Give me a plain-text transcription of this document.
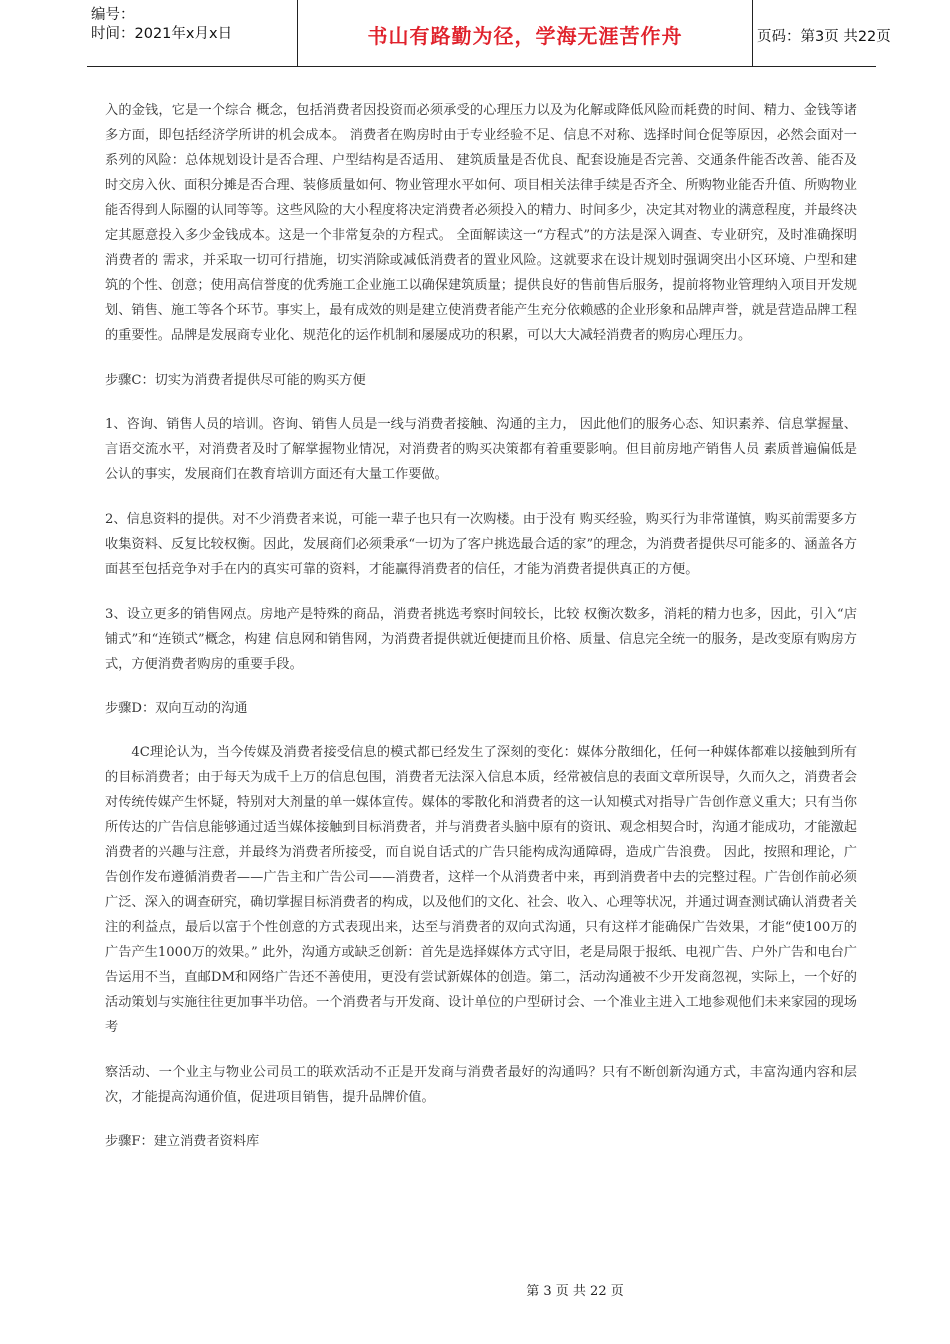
编号：
时间：2021年x月x日	书山有路勤为径，学海无涯苦作舟	页码：第3页 共22页

入的金钱，它是一个综合 概念，包括消费者因投资而必须承受的心理压力以及为化解或降低风险而耗费的时间、精力、金钱等诸多方面，即包括经济学所讲的机会成本。 消费者在购房时由于专业经验不足、信息不对称、选择时间仓促等原因，必然会面对一系列的风险：总体规划设计是否合理、户型结构是否适用、 建筑质量是否优良、配套设施是否完善、交通条件能否改善、能否及时交房入伙、面积分摊是否合理、装修质量如何、物业管理水平如何、项目相关法律手续是否齐全、所购物业能否升值、所购物业能否得到人际圈的认同等等。这些风险的大小程度将决定消费者必须投入的精力、时间多少，决定其对物业的满意程度，并最终决定其愿意投入多少金钱成本。这是一个非常复杂的方程式。 全面解读这一“方程式”的方法是深入调查、专业研究，及时准确探明消费者的 需求，并采取一切可行措施，切实消除或减低消费者的置业风险。这就要求在设计规划时强调突出小区环境、户型和建筑的个性、创意；使用高信誉度的优秀施工企业施工以确保建筑质量；提供良好的售前售后服务，提前将物业管理纳入项目开发规划、销售、施工等各个环节。事实上，最有成效的则是建立使消费者能产生充分依赖感的企业形象和品牌声誉，就是营造品牌工程的重要性。品牌是发展商专业化、规范化的运作机制和屡屡成功的积累，可以大大减轻消费者的购房心理压力。

步骤C：切实为消费者提供尽可能的购买方便

1、咨询、销售人员的培训。咨询、销售人员是一线与消费者接触、沟通的主力， 因此他们的服务心态、知识素养、信息掌握量、言语交流水平，对消费者及时了解掌握物业情况，对消费者的购买决策都有着重要影响。但目前房地产销售人员 素质普遍偏低是公认的事实，发展商们在教育培训方面还有大量工作要做。

2、信息资料的提供。对不少消费者来说，可能一辈子也只有一次购楼。由于没有 购买经验，购买行为非常谨慎，购买前需要多方收集资料、反复比较权衡。因此，发展商们必须秉承“一切为了客户挑选最合适的家”的理念，为消费者提供尽可能多的、涵盖各方面甚至包括竞争对手在内的真实可靠的资料，才能赢得消费者的信任，才能为消费者提供真正的方便。

3、设立更多的销售网点。房地产是特殊的商品，消费者挑选考察时间较长，比较 权衡次数多，消耗的精力也多，因此，引入“店铺式”和“连锁式”概念，构建 信息网和销售网，为消费者提供就近便捷而且价格、质量、信息完全统一的服务，是改变原有购房方式，方便消费者购房的重要手段。

步骤D：双向互动的沟通

4C理论认为，当今传媒及消费者接受信息的模式都已经发生了深刻的变化：媒体分散细化，任何一种媒体都难以接触到所有的目标消费者；由于每天为成千上万的信息包围，消费者无法深入信息本质，经常被信息的表面文章所误导，久而久之，消费者会对传统传媒产生怀疑，特别对大剂量的单一媒体宣传。媒体的零散化和消费者的这一认知模式对指导广告创作意义重大；只有当你所传达的广告信息能够通过适当媒体接触到目标消费者，并与消费者头脑中原有的资讯、观念相契合时，沟通才能成功，才能激起消费者的兴趣与注意，并最终为消费者所接受，而自说自话式的广告只能构成沟通障碍，造成广告浪费。 因此，按照和理论，广告创作发布遵循消费者——广告主和广告公司——消费者，这样一个从消费者中来，再到消费者中去的完整过程。广告创作前必须广泛、深入的调查研究，确切掌握目标消费者的构成，以及他们的文化、社会、收入、心理等状况，并通过调查测试确认消费者关注的利益点，最后以富于个性创意的方式表现出来，达至与消费者的双向式沟通，只有这样才能确保广告效果，才能“使100万的广告产生1000万的效果。” 此外，沟通方或缺乏创新：首先是选择媒体方式守旧，老是局限于报纸、电视广告、户外广告和电台广告运用不当，直邮DM和网络广告还不善使用，更没有尝试新媒体的创造。第二，活动沟通被不少开发商忽视，实际上，一个好的活动策划与实施往往更加事半功倍。一个消费者与开发商、设计单位的户型研讨会、一个准业主进入工地参观他们未来家园的现场考

察活动、一个业主与物业公司员工的联欢活动不正是开发商与消费者最好的沟通吗？只有不断创新沟通方式，丰富沟通内容和层次，才能提高沟通价值，促进项目销售，提升品牌价值。

步骤F：建立消费者资料库

第 3 页 共 22 页
